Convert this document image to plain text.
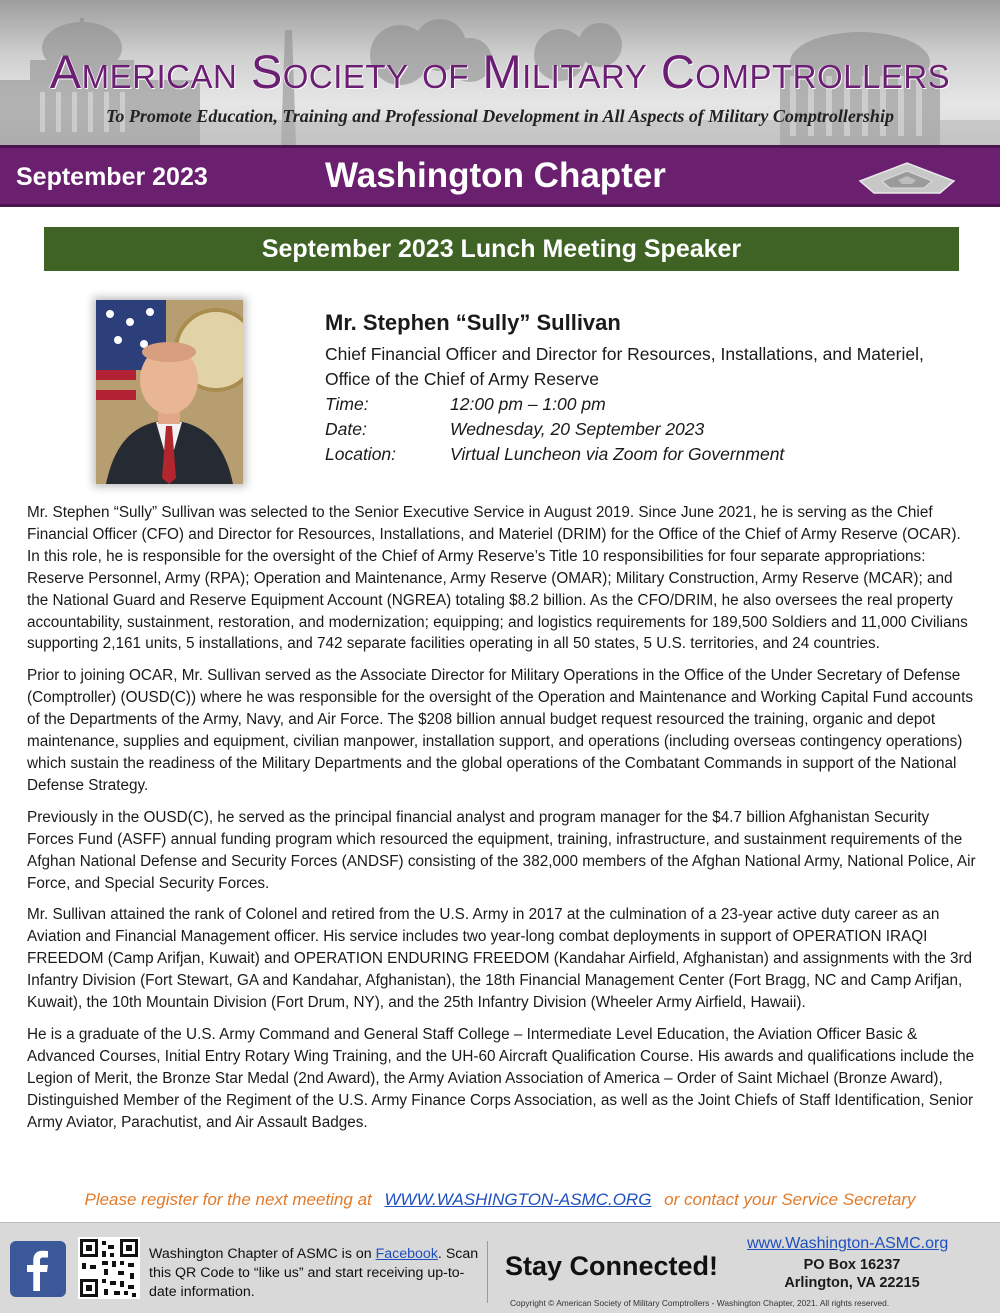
American Society of Military Comptrollers
To Promote Education, Training and Professional Development in All Aspects of Military Comptrollership
September 2023	Washington Chapter
September 2023 Lunch Meeting Speaker
Mr. Stephen “Sully” Sullivan
Chief Financial Officer and Director for Resources, Installations, and Materiel, Office of the Chief of Army Reserve
Time:	12:00 pm – 1:00 pm
Date:	Wednesday, 20 September 2023
Location:	Virtual Luncheon via Zoom for Government

Mr. Stephen “Sully” Sullivan was selected to the Senior Executive Service in August 2019. Since June 2021, he is serving as the Chief Financial Officer (CFO) and Director for Resources, Installations, and Materiel (DRIM) for the Office of the Chief of Army Reserve (OCAR). In this role, he is responsible for the oversight of the Chief of Army Reserve’s Title 10 responsibilities for four separate appropriations: Reserve Personnel, Army (RPA); Operation and Maintenance, Army Reserve (OMAR); Military Construction, Army Reserve (MCAR); and the National Guard and Reserve Equipment Account (NGREA) totaling $8.2 billion. As the CFO/DRIM, he also oversees the real property accountability, sustainment, restoration, and modernization; equipping; and logistics requirements for 189,500 Soldiers and 11,000 Civilians supporting 2,161 units, 5 installations, and 742 separate facilities operating in all 50 states, 5 U.S. territories, and 24 countries.

Prior to joining OCAR, Mr. Sullivan served as the Associate Director for Military Operations in the Office of the Under Secretary of Defense (Comptroller) (OUSD(C)) where he was responsible for the oversight of the Operation and Maintenance and Working Capital Fund accounts of the Departments of the Army, Navy, and Air Force. The $208 billion annual budget request resourced the training, organic and depot maintenance, supplies and equipment, civilian manpower, installation support, and operations (including overseas contingency operations) which sustain the readiness of the Military Departments and the global operations of the Combatant Commands in support of the National Defense Strategy.

Previously in the OUSD(C), he served as the principal financial analyst and program manager for the $4.7 billion Afghanistan Security Forces Fund (ASFF) annual funding program which resourced the equipment, training, infrastructure, and sustainment requirements of the Afghan National Defense and Security Forces (ANDSF) consisting of the 382,000 members of the Afghan National Army, National Police, Air Force, and Special Security Forces.

Mr. Sullivan attained the rank of Colonel and retired from the U.S. Army in 2017 at the culmination of a 23-year active duty career as an Aviation and Financial Management officer. His service includes two year-long combat deployments in support of OPERATION IRAQI FREEDOM (Camp Arifjan, Kuwait) and OPERATION ENDURING FREEDOM (Kandahar Airfield, Afghanistan) and assignments with the 3rd Infantry Division (Fort Stewart, GA and Kandahar, Afghanistan), the 18th Financial Management Center (Fort Bragg, NC and Camp Arifjan, Kuwait), the 10th Mountain Division (Fort Drum, NY), and the 25th Infantry Division (Wheeler Army Airfield, Hawaii).

He is a graduate of the U.S. Army Command and General Staff College – Intermediate Level Education, the Aviation Officer Basic & Advanced Courses, Initial Entry Rotary Wing Training, and the UH-60 Aircraft Qualification Course. His awards and qualifications include the Legion of Merit, the Bronze Star Medal (2nd Award), the Army Aviation Association of America – Order of Saint Michael (Bronze Award), Distinguished Member of the Regiment of the U.S. Army Finance Corps Association, as well as the Joint Chiefs of Staff Identification, Senior Army Aviator, Parachutist, and Air Assault Badges.

Please register for the next meeting at WWW.WASHINGTON-ASMC.ORG or contact your Service Secretary
Washington Chapter of ASMC is on Facebook. Scan this QR Code to “like us” and start receiving up-to-date information.
Stay Connected!
www.Washington-ASMC.org
PO Box 16237
Arlington, VA 22215
Copyright © American Society of Military Comptrollers - Washington Chapter, 2021. All rights reserved.
